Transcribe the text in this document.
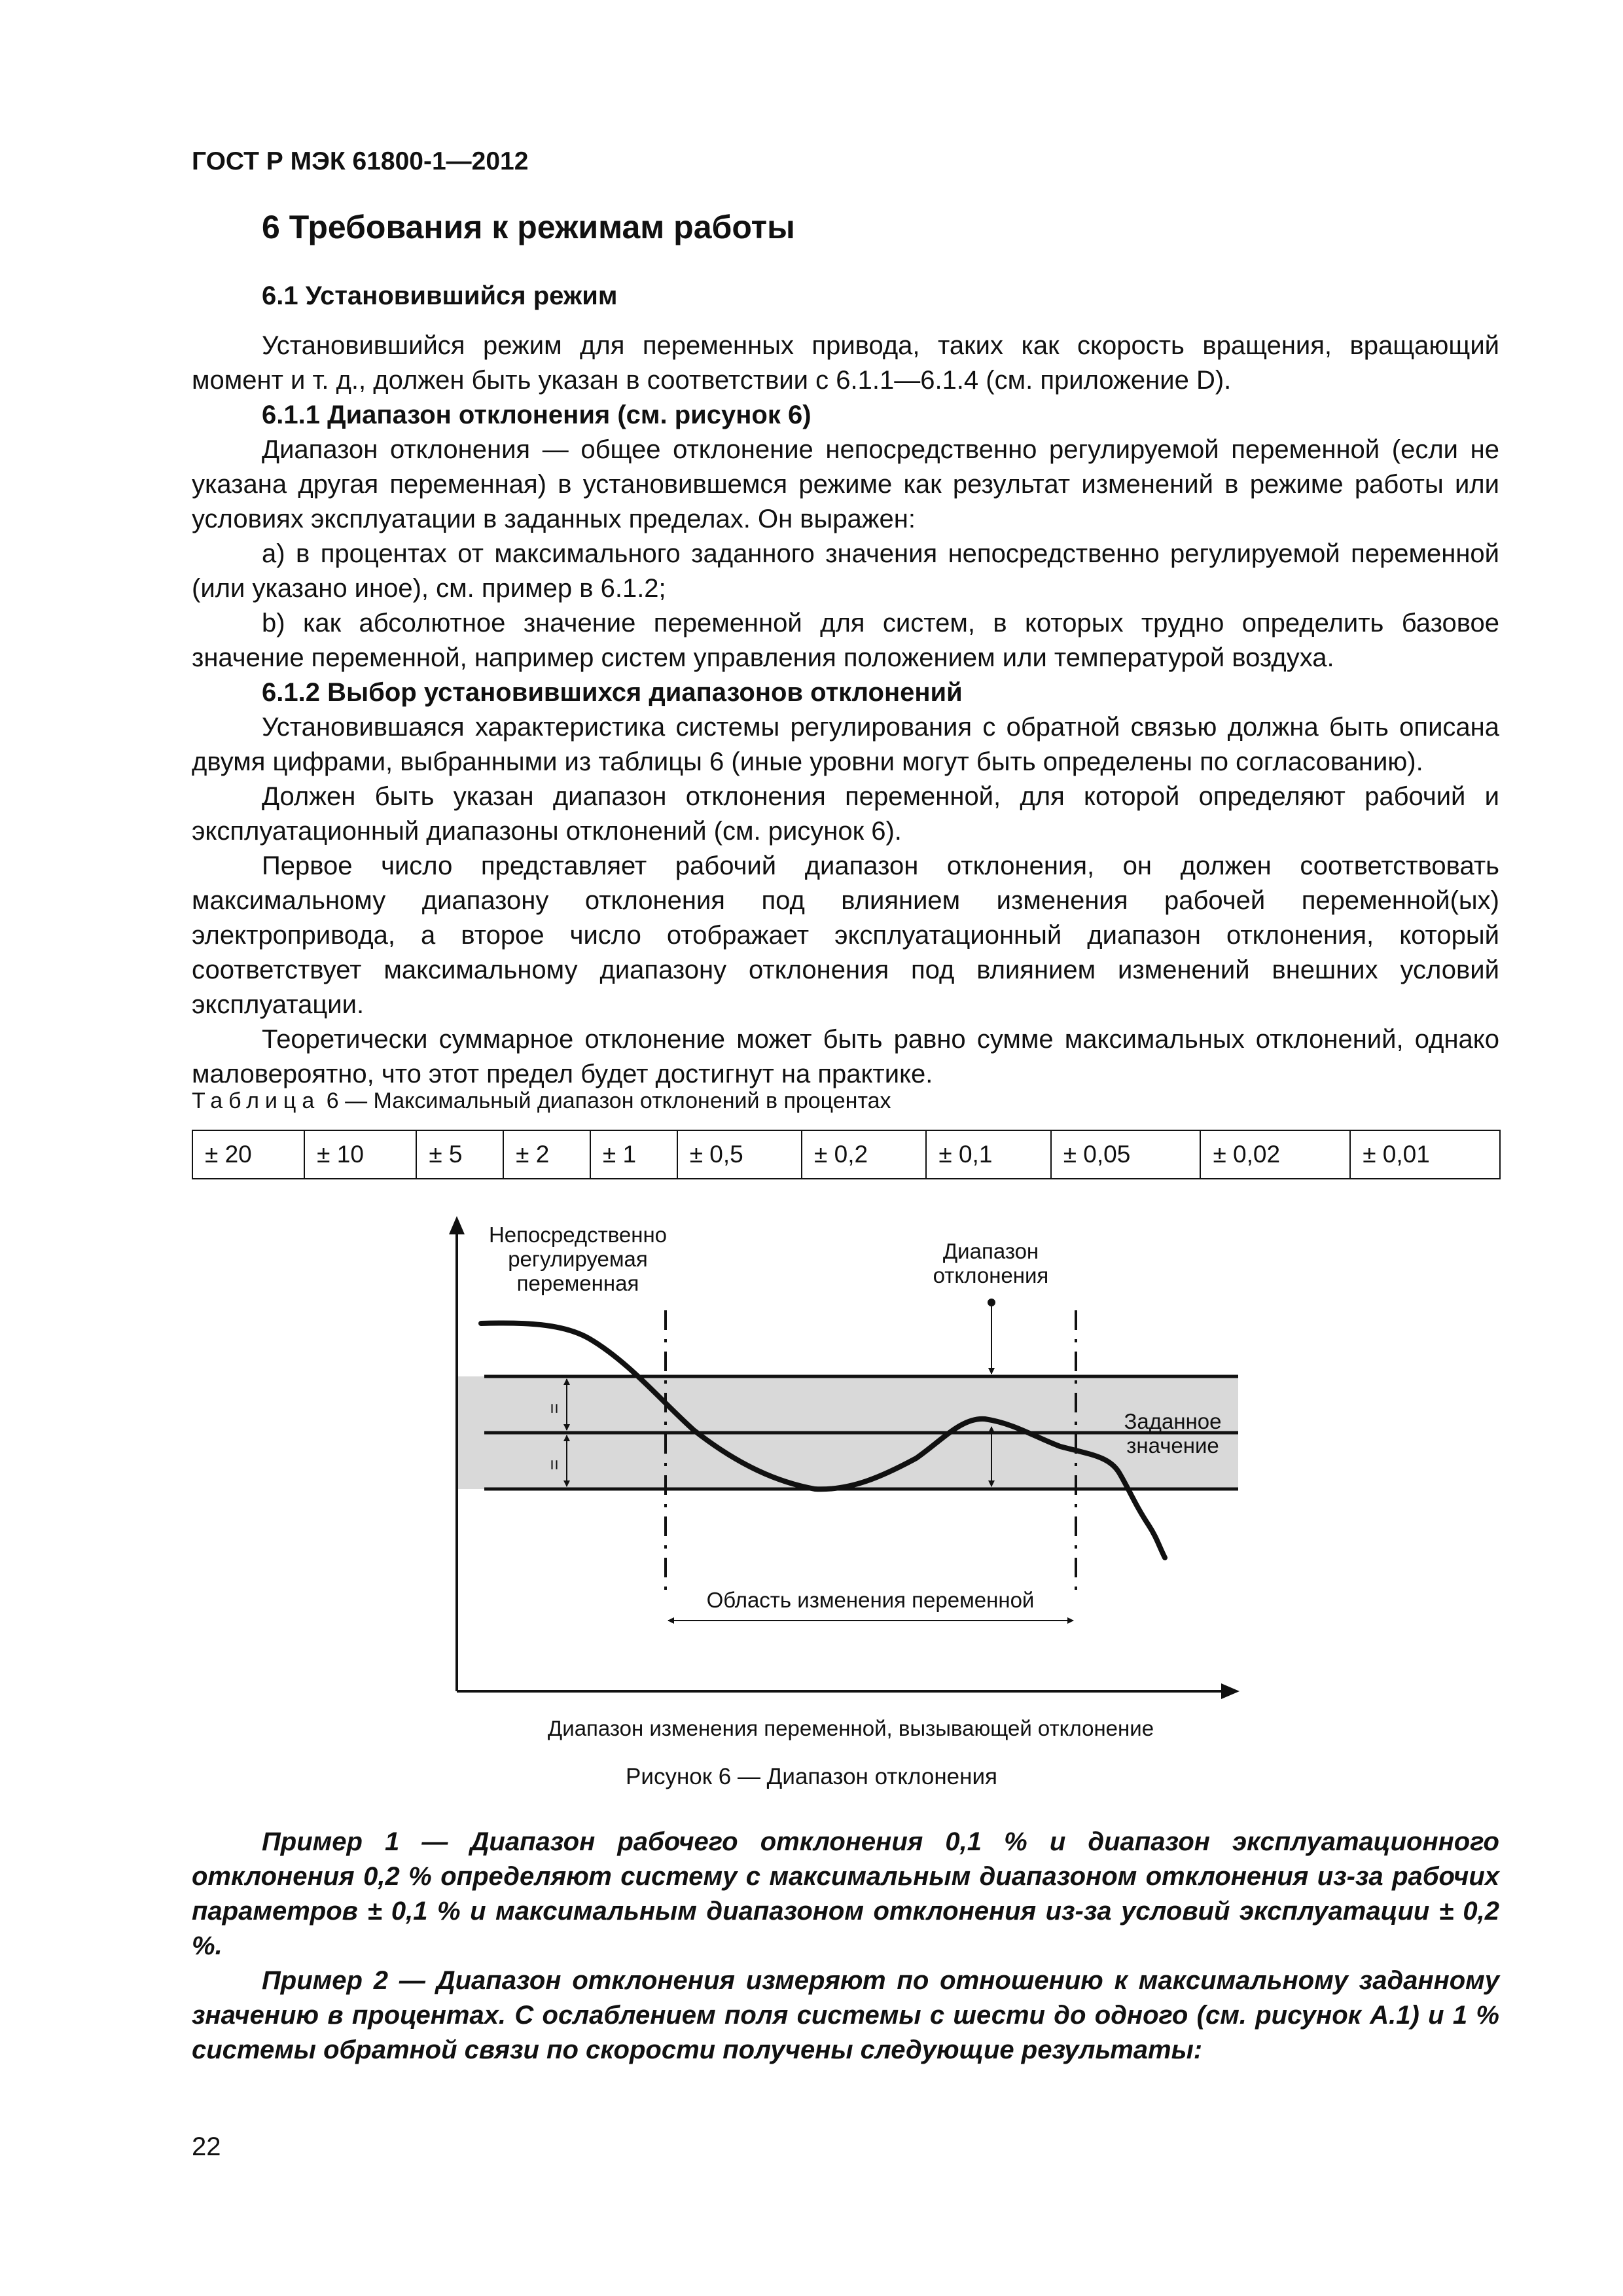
ГОСТ Р МЭК 61800-1—2012
6 Требования к режимам работы
6.1 Установившийся режим

Установившийся режим для переменных привода, таких как скорость вращения, вращающий момент и т. д., должен быть указан в соответствии с 6.1.1—6.1.4 (см. приложение D).

6.1.1 Диапазон отклонения (см. рисунок 6)

Диапазон отклонения — общее отклонение непосредственно регулируемой переменной (если не указана другая переменная) в установившемся режиме как результат изменений в режиме работы или условиях эксплуатации в заданных пределах. Он выражен:

a) в процентах от максимального заданного значения непосредственно регулируемой переменной (или указано иное), см. пример в 6.1.2;

b) как абсолютное значение переменной для систем, в которых трудно определить базовое значение переменной, например систем управления положением или температурой воздуха.

6.1.2 Выбор установившихся диапазонов отклонений

Установившаяся характеристика системы регулирования с обратной связью должна быть описана двумя цифрами, выбранными из таблицы 6 (иные уровни могут быть определены по согласованию).

Должен быть указан диапазон отклонения переменной, для которой определяют рабочий и эксплуатационный диапазоны отклонений (см. рисунок 6).

Первое число представляет рабочий диапазон отклонения, он должен соответствовать максимальному диапазону отклонения под влиянием изменения рабочей переменной(ых) электропривода, а второе число отображает эксплуатационный диапазон отклонения, который соответствует максимальному диапазону отклонения под влиянием изменений внешних условий эксплуатации.

Теоретически суммарное отклонение может быть равно сумме максимальных отклонений, однако маловероятно, что этот предел будет достигнут на практике.

Таблица 6 — Максимальный диапазон отклонений в процентах
± 20	± 10	± 5	± 2	± 1	± 0,5	± 0,2	± 0,1	± 0,05	± 0,02	± 0,01
Непосредственно
регулируемая
переменная
Диапазон
отклонения
Заданное
значение
=
=
Область изменения переменной
Диапазон изменения переменной, вызывающей отклонение
Рисунок 6 — Диапазон отклонения

Пример 1 — Диапазон рабочего отклонения 0,1 % и диапазон эксплуатационного отклонения 0,2 % определяют систему с максимальным диапазоном отклонения из-за рабочих параметров ± 0,1 % и максимальным диапазоном отклонения из-за условий эксплуатации ± 0,2 %.

Пример 2 — Диапазон отклонения измеряют по отношению к максимальному заданному значению в процентах. С ослаблением поля системы с шести до одного (см. рисунок А.1) и 1 % системы обратной связи по скорости получены следующие результаты:

22
